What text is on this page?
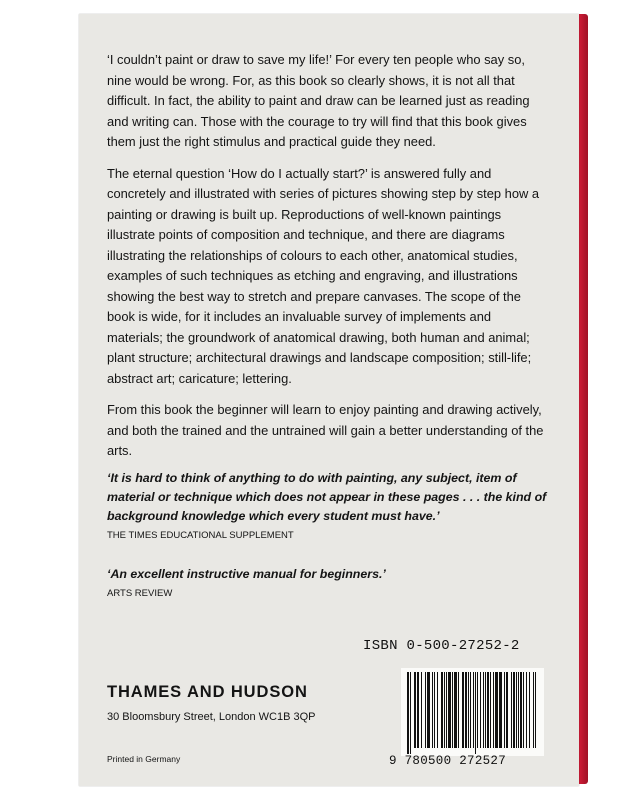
‘I couldn’t paint or draw to save my life!’ For every ten people who say so, nine would be wrong. For, as this book so clearly shows, it is not all that difficult. In fact, the ability to paint and draw can be learned just as reading and writing can. Those with the courage to try will find that this book gives them just the right stimulus and practical guide they need.

The eternal question ‘How do I actually start?’ is answered fully and concretely and illustrated with series of pictures showing step by step how a painting or drawing is built up. Reproductions of well-known paintings illustrate points of composition and technique, and there are diagrams illustrating the relationships of colours to each other, anatomical studies, examples of such techniques as etching and engraving, and illustrations showing the best way to stretch and prepare canvases. The scope of the book is wide, for it includes an invaluable survey of implements and materials; the groundwork of anatomical drawing, both human and animal; plant structure; architectural drawings and landscape composition; still-life; abstract art; caricature; lettering.

From this book the beginner will learn to enjoy painting and drawing actively, and both the trained and the untrained will gain a better understanding of the arts.

‘It is hard to think of anything to do with painting, any subject, item of material or technique which does not appear in these pages . . . the kind of background knowledge which every student must have.’
THE TIMES EDUCATIONAL SUPPLEMENT
‘An excellent instructive manual for beginners.’
ARTS REVIEW
ISBN 0-500-27252-2
9 780500 272527
THAMES AND HUDSON
30 Bloomsbury Street, London WC1B 3QP
Printed in Germany
